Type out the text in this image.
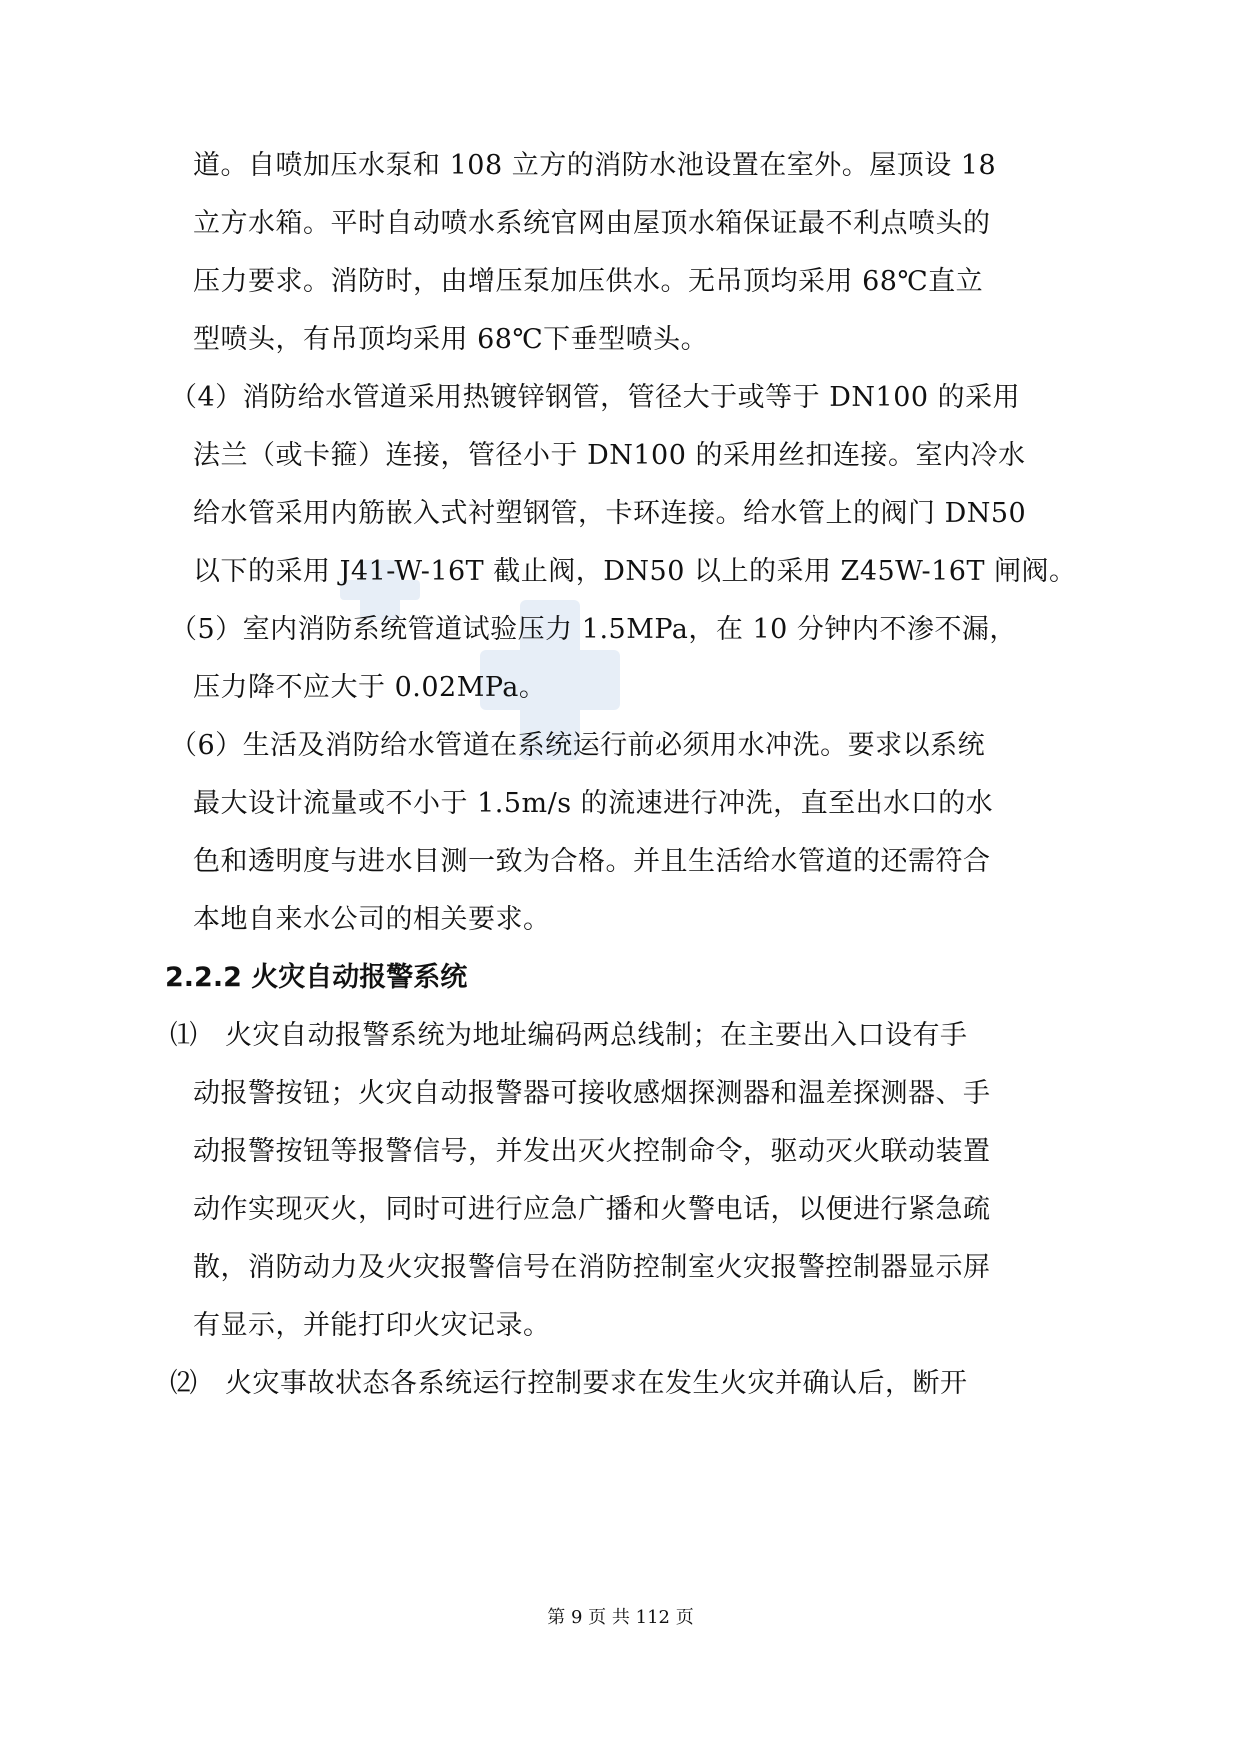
道。自喷加压水泵和 108 立方的消防水池设置在室外。屋顶设 18
立方水箱。平时自动喷水系统官网由屋顶水箱保证最不利点喷头的
压力要求。消防时，由增压泵加压供水。无吊顶均采用 68℃直立
型喷头，有吊顶均采用 68℃下垂型喷头。
（4）消防给水管道采用热镀锌钢管，管径大于或等于 DN100 的采用
法兰（或卡箍）连接，管径小于 DN100 的采用丝扣连接。室内冷水
给水管采用内筋嵌入式衬塑钢管，卡环连接。给水管上的阀门 DN50
以下的采用 J41-W-16T 截止阀，DN50 以上的采用 Z45W-16T 闸阀。
（5）室内消防系统管道试验压力 1.5MPa，在 10 分钟内不渗不漏，
压力降不应大于 0.02MPa。
（6）生活及消防给水管道在系统运行前必须用水冲洗。要求以系统
最大设计流量或不小于 1.5m/s 的流速进行冲洗，直至出水口的水
色和透明度与进水目测一致为合格。并且生活给水管道的还需符合
本地自来水公司的相关要求。
2.2.2 火灾自动报警系统
⑴　火灾自动报警系统为地址编码两总线制；在主要出入口设有手
动报警按钮；火灾自动报警器可接收感烟探测器和温差探测器、手
动报警按钮等报警信号，并发出灭火控制命令，驱动灭火联动装置
动作实现灭火，同时可进行应急广播和火警电话，以便进行紧急疏
散，消防动力及火灾报警信号在消防控制室火灾报警控制器显示屏
有显示，并能打印火灾记录。
⑵　火灾事故状态各系统运行控制要求在发生火灾并确认后，断开
第 9 页 共 112 页
